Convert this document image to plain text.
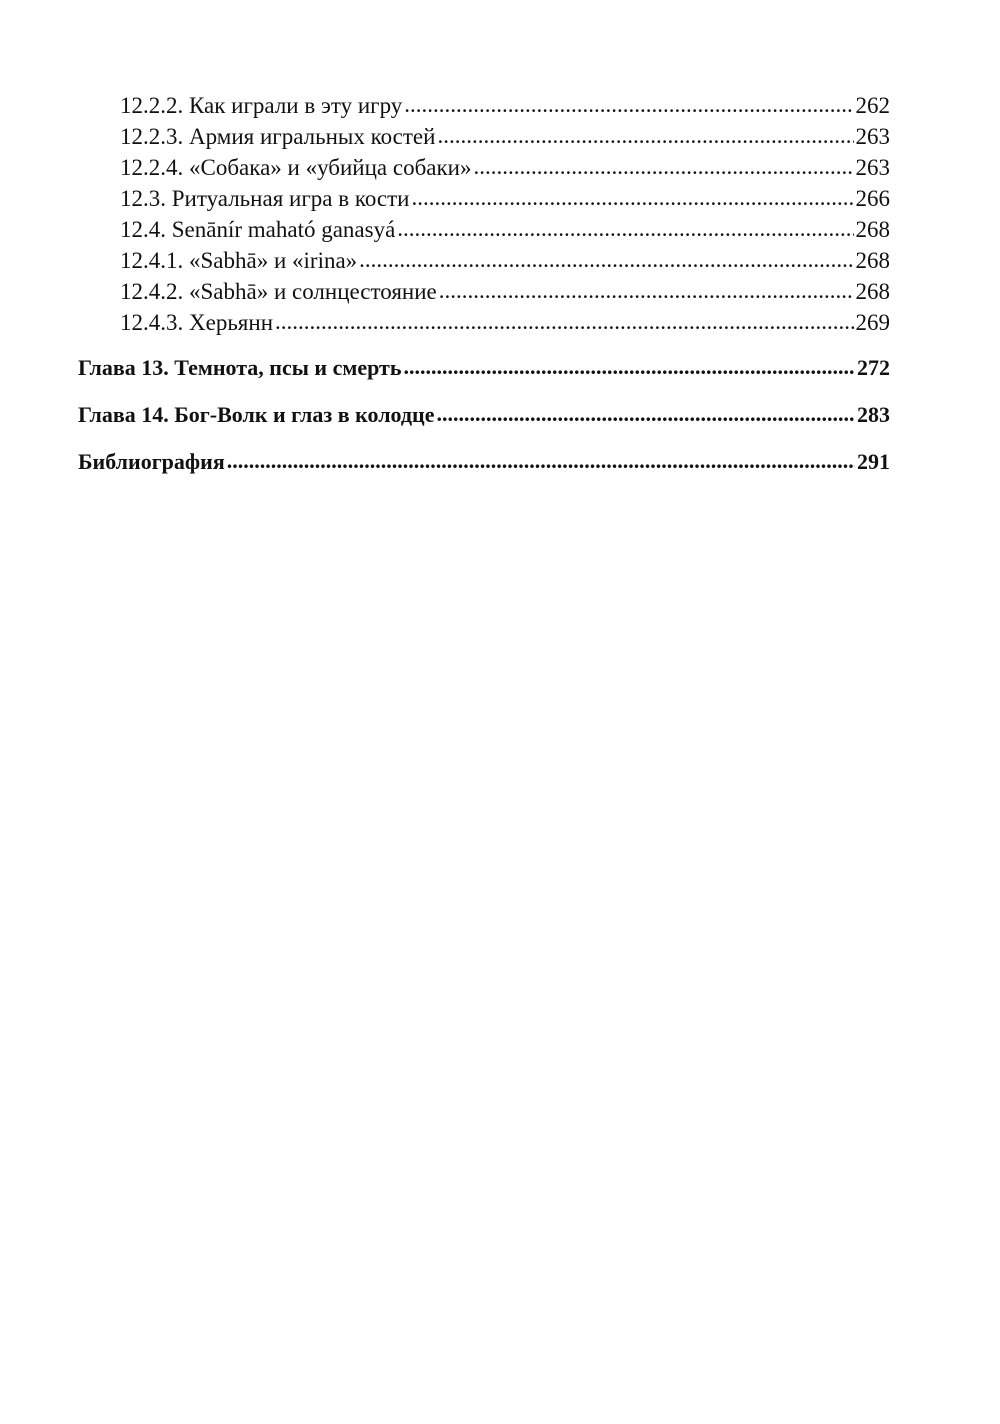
12.2.2. Как играли в эту игру .....	262
12.2.3. Армия игральных костей .....	263
12.2.4. «Собака» и «убийца собаки» .....	263
12.3. Ритуальная игра в кости .....	266
12.4. Senānír maható ganasyá .....	268
12.4.1. «Sabhā» и «irina» .....	268
12.4.2. «Sabhā» и солнцестояние .....	268
12.4.3. Херьянн .....	269
Глава 13. Темнота, псы и смерть .....	272
Глава 14. Бог-Волк и глаз в колодце .....	283
Библиография .....	291
